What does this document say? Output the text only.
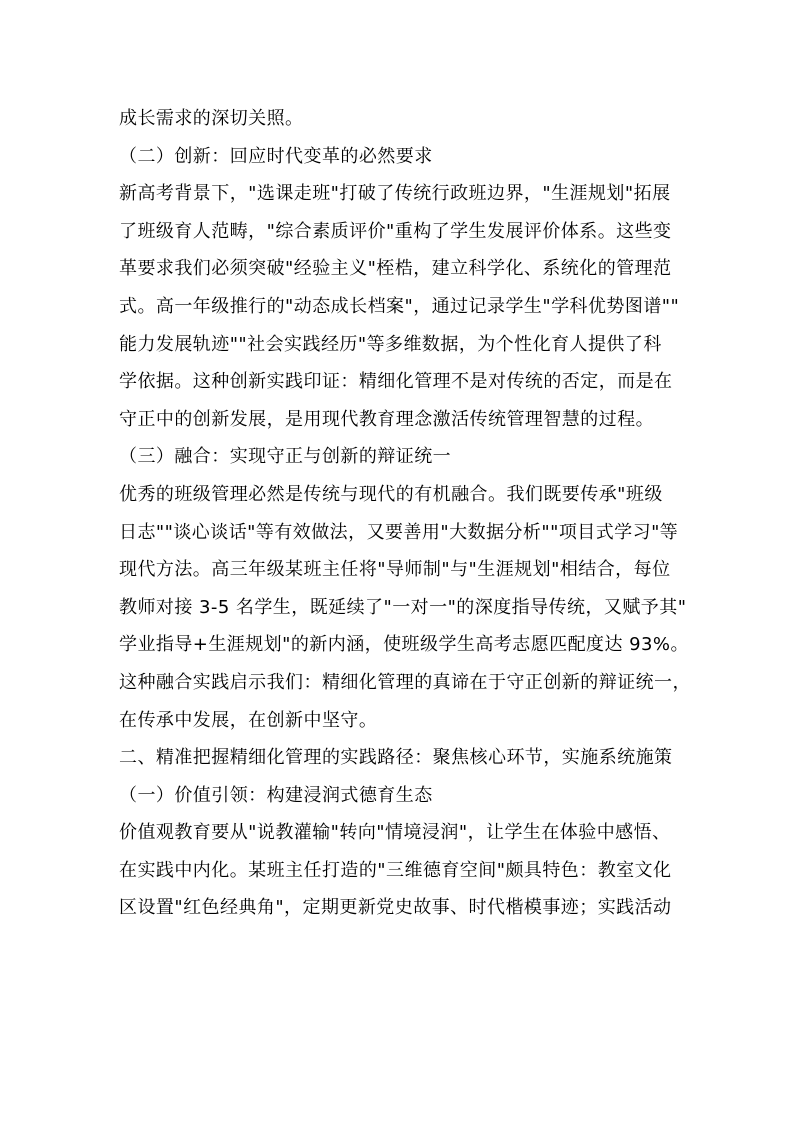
成长需求的深切关照。
（二）创新：回应时代变革的必然要求
新高考背景下，"选课走班"打破了传统行政班边界，"生涯规划"拓展
了班级育人范畴，"综合素质评价"重构了学生发展评价体系。这些变
革要求我们必须突破"经验主义"桎梏，建立科学化、系统化的管理范
式。高一年级推行的"动态成长档案"，通过记录学生"学科优势图谱""
能力发展轨迹""社会实践经历"等多维数据，为个性化育人提供了科
学依据。这种创新实践印证：精细化管理不是对传统的否定，而是在
守正中的创新发展，是用现代教育理念激活传统管理智慧的过程。
（三）融合：实现守正与创新的辩证统一
优秀的班级管理必然是传统与现代的有机融合。我们既要传承"班级
日志""谈心谈话"等有效做法，又要善用"大数据分析""项目式学习"等
现代方法。高三年级某班主任将"导师制"与"生涯规划"相结合，每位
教师对接 3-5 名学生，既延续了"一对一"的深度指导传统，又赋予其"
学业指导+生涯规划"的新内涵，使班级学生高考志愿匹配度达 93%。
这种融合实践启示我们：精细化管理的真谛在于守正创新的辩证统一，
在传承中发展，在创新中坚守。
二、精准把握精细化管理的实践路径：聚焦核心环节，实施系统施策
（一）价值引领：构建浸润式德育生态
价值观教育要从"说教灌输"转向"情境浸润"，让学生在体验中感悟、
在实践中内化。某班主任打造的"三维德育空间"颇具特色：教室文化
区设置"红色经典角"，定期更新党史故事、时代楷模事迹；实践活动
